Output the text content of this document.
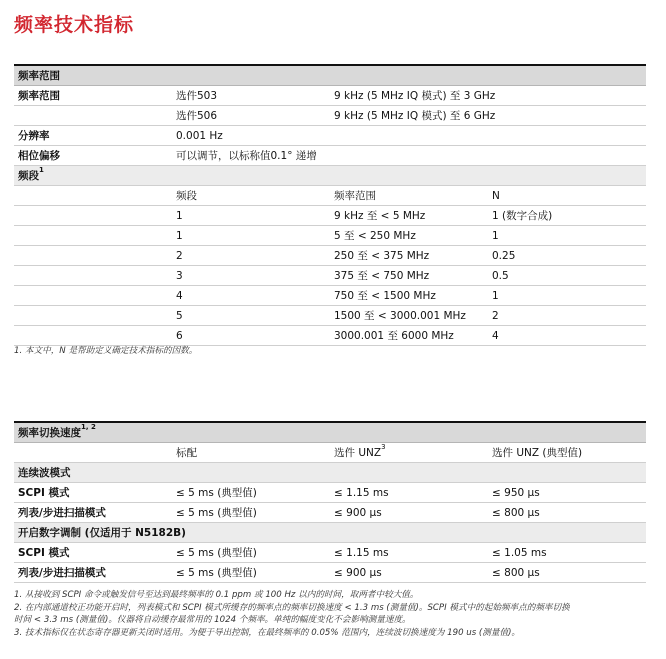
频率技术指标
频率范围			
频率范围	选件503	9 kHz (5 MHz IQ 模式) 至 3 GHz	
	选件506	9 kHz (5 MHz IQ 模式) 至 6 GHz	
分辨率	0.001 Hz		
相位偏移	可以调节，以标称值0.1° 递增		
频段$^1$
	频段	频率范围	N
	1	9 kHz 至 < 5 MHz	1 (数字合成)
	1	5 至 < 250 MHz	1
	2	250 至 < 375 MHz	0.25
	3	375 至 < 750 MHz	0.5
	4	750 至 < 1500 MHz	1
	5	1500 至 < 3000.001 MHz	2
	6	3000.001 至 6000 MHz	4
1. 本文中，N 是帮助定义确定技术指标的因数。
频率切换速度$^{1, 2}$
	标配	选件 UNZ$^3$	选件 UNZ (典型值)
连续波模式			
SCPI 模式	≤ 5 ms (典型值)	≤ 1.15 ms	≤ 950 µs
列表/步进扫描模式	≤ 5 ms (典型值)	≤ 900 µs	≤ 800 µs
开启数字调制 (仅适用于 N5182B)			
SCPI 模式	≤ 5 ms (典型值)	≤ 1.15 ms	≤ 1.05 ms
列表/步进扫描模式	≤ 5 ms (典型值)	≤ 900 µs	≤ 800 µs
1. 从接收到 SCPI 命令或触发信号至达到最终频率的 0.1 ppm 或 100 Hz 以内的时间，取两者中较大值。
2. 在内部通道校正功能开启时，列表模式和 SCPI 模式所缓存的频率点的频率切换速度 < 1.3 ms (测量值)。SCPI 模式中的起始频率点的频率切换
时间 < 3.3 ms (测量值)。仪器将自动缓存最常用的 1024 个频率。单纯的幅度变化不会影响测量速度。
3. 技术指标仅在状态寄存器更新关闭时适用。为便于导出控制，在最终频率的 0.05% 范围内，连续波切换速度为 190 us (测量值)。
